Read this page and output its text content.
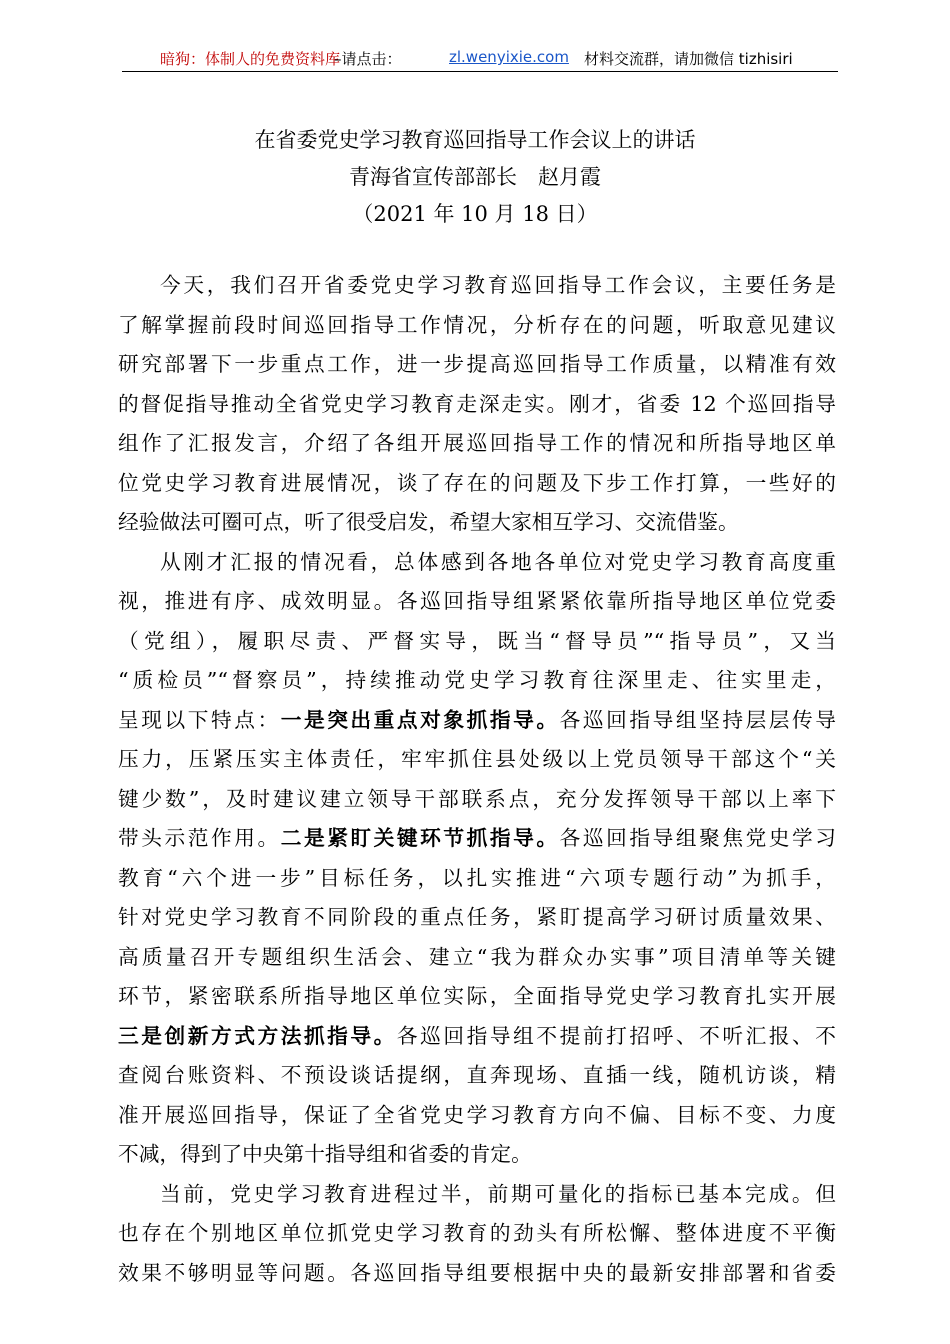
暗狗：体制人的免费资料库
–请点击：	zl.wenyixie.com 材料交流群，请加微信 tizhisiri
在省委党史学习教育巡回指导工作会议上的讲话
青海省宣传部部长　赵月霞
（2021 年 10 月 18 日）
今天，我们召开省委党史学习教育巡回指导工作会议，主要任务是
了解掌握前段时间巡回指导工作情况，分析存在的问题，听取意见建议
研究部署下一步重点工作，进一步提高巡回指导工作质量，以精准有效
的督促指导推动全省党史学习教育走深走实。刚才，省委 12 个巡回指导
组作了汇报发言，介绍了各组开展巡回指导工作的情况和所指导地区单
位党史学习教育进展情况，谈了存在的问题及下步工作打算，一些好的
经验做法可圈可点，听了很受启发，希望大家相互学习、交流借鉴。
从刚才汇报的情况看，总体感到各地各单位对党史学习教育高度重
视，推进有序、成效明显。各巡回指导组紧紧依靠所指导地区单位党委
（党组），履职尽责、严督实导，既当“督导员”“指导员”，又当
“质检员”“督察员”，持续推动党史学习教育往深里走、往实里走，
呈现以下特点：一是突出重点对象抓指导。各巡回指导组坚持层层传导
压力，压紧压实主体责任，牢牢抓住县处级以上党员领导干部这个“关
键少数”，及时建议建立领导干部联系点，充分发挥领导干部以上率下
带头示范作用。二是紧盯关键环节抓指导。各巡回指导组聚焦党史学习
教育“六个进一步”目标任务，以扎实推进“六项专题行动”为抓手，
针对党史学习教育不同阶段的重点任务，紧盯提高学习研讨质量效果、
高质量召开专题组织生活会、建立“我为群众办实事”项目清单等关键
环节，紧密联系所指导地区单位实际，全面指导党史学习教育扎实开展
三是创新方式方法抓指导。各巡回指导组不提前打招呼、不听汇报、不
查阅台账资料、不预设谈话提纲，直奔现场、直插一线，随机访谈，精
准开展巡回指导，保证了全省党史学习教育方向不偏、目标不变、力度
不减，得到了中央第十指导组和省委的肯定。
当前，党史学习教育进程过半，前期可量化的指标已基本完成。但
也存在个别地区单位抓党史学习教育的劲头有所松懈、整体进度不平衡
效果不够明显等问题。各巡回指导组要根据中央的最新安排部署和省委
